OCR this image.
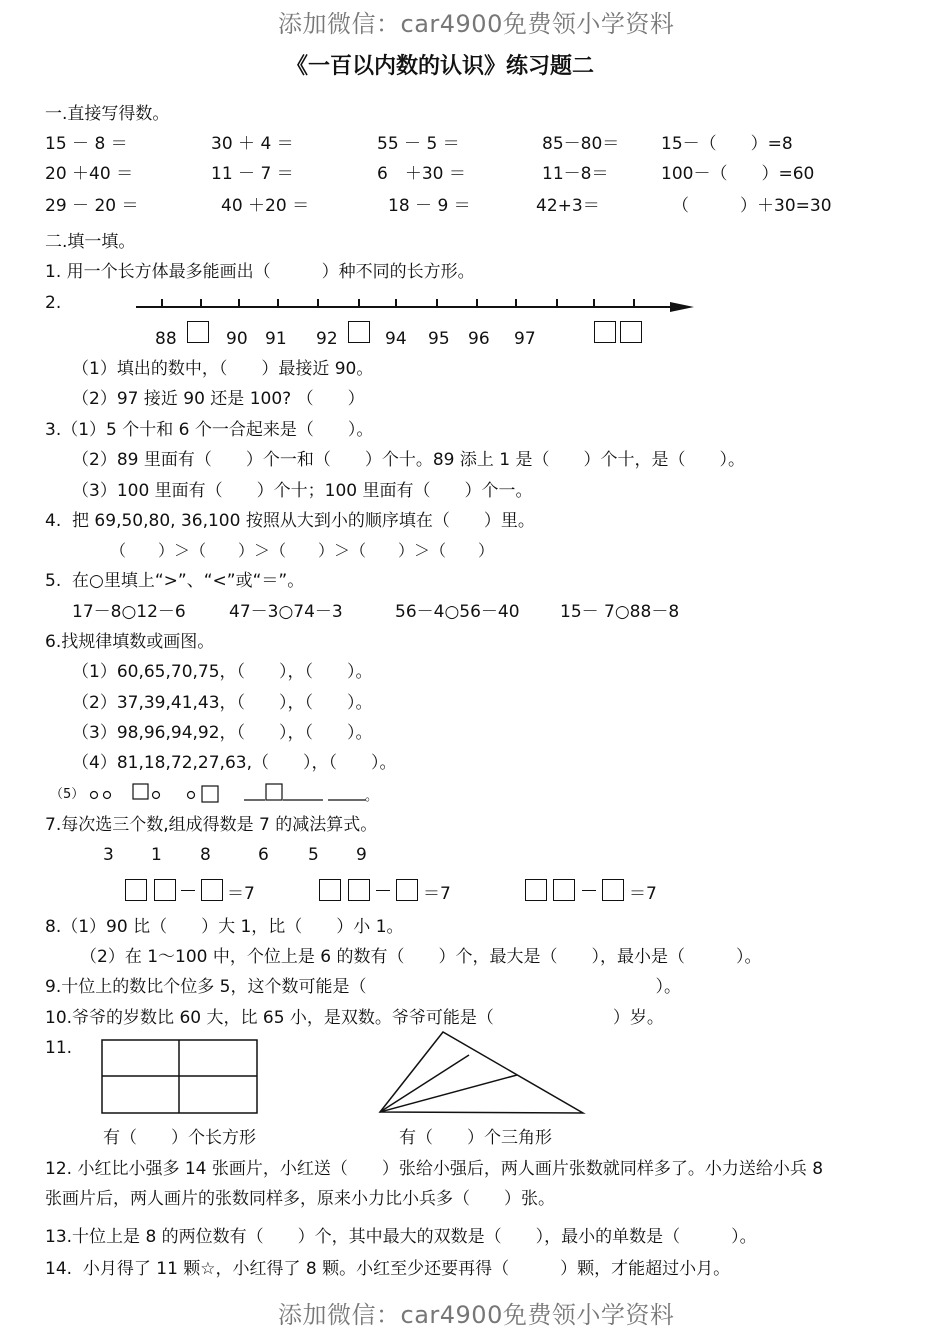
添加微信：car4900免费领小学资料
《一百以内数的认识》练习题二
一.直接写得数。
15 － 8 ＝	30 ＋ 4 ＝	55 － 5 ＝	85－80＝ 15－（　　）=8
20 ＋40 ＝	11 － 7 ＝	6　＋30 ＝	11－8＝	100－（　　）=60
29 － 20 ＝	40 ＋20 ＝	18 － 9 ＝	42+3＝	（　　　）＋30=30
二.填一填。
1. 用一个长方体最多能画出（　　　）种不同的长方形。
2.
88	90 91 92	94 95 96 97
（1）填出的数中，（　　）最接近 90。
（2）97 接近 90 还是 100? （　　）
3.（1）5 个十和 6 个一合起来是（　　）。
（2）89 里面有（　　）个一和（　　）个十。89 添上 1 是（　　）个十，是（　　）。
（3）100 里面有（　　）个十；100 里面有（　　）个一。
4.  把 69,50,80, 36,100 按照从大到小的顺序填在（　　）里。
（　　）＞（　　）＞（　　）＞（　　）＞（　　）
5.  在○里填上“>”、“<”或“＝”。
17－8○12－6	47－3○74－3	56－4○56－40 15－ 7○88－8
6.找规律填数或画图。
（1）60,65,70,75，（　　），（　　）。
（2）37,39,41,43，（　　），（　　）。
（3）98,96,94,92，（　　），（　　）。
（4）81,18,72,27,63,（　　），（　　）。
（5）	。
7.每次选三个数,组成得数是 7 的减法算式。
3 1 8	6 5 9
＝7	＝7	＝7
8.（1）90 比（　　）大 1，比（　　）小 1。
（2）在 1～100 中，个位上是 6 的数有（　　）个，最大是（　　），最小是（　　　）。
9.十位上的数比个位多 5，这个数可能是（　　　　　　　　　　　　　　　　　）。
10.爷爷的岁数比 60 大，比 65 小，是双数。爷爷可能是（　　　　　　　）岁。
11.
有（　　）个长方形	有（　　）个三角形
12. 小红比小强多 14 张画片，小红送（　　）张给小强后，两人画片张数就同样多了。小力送给小兵 8
张画片后，两人画片的张数同样多，原来小力比小兵多（　　）张。
13.十位上是 8 的两位数有（　　）个，其中最大的双数是（　　），最小的单数是（　　　）。
14.  小月得了 11 颗☆，小红得了 8 颗。小红至少还要再得（　　　）颗，才能超过小月。
添加微信：car4900免费领小学资料
